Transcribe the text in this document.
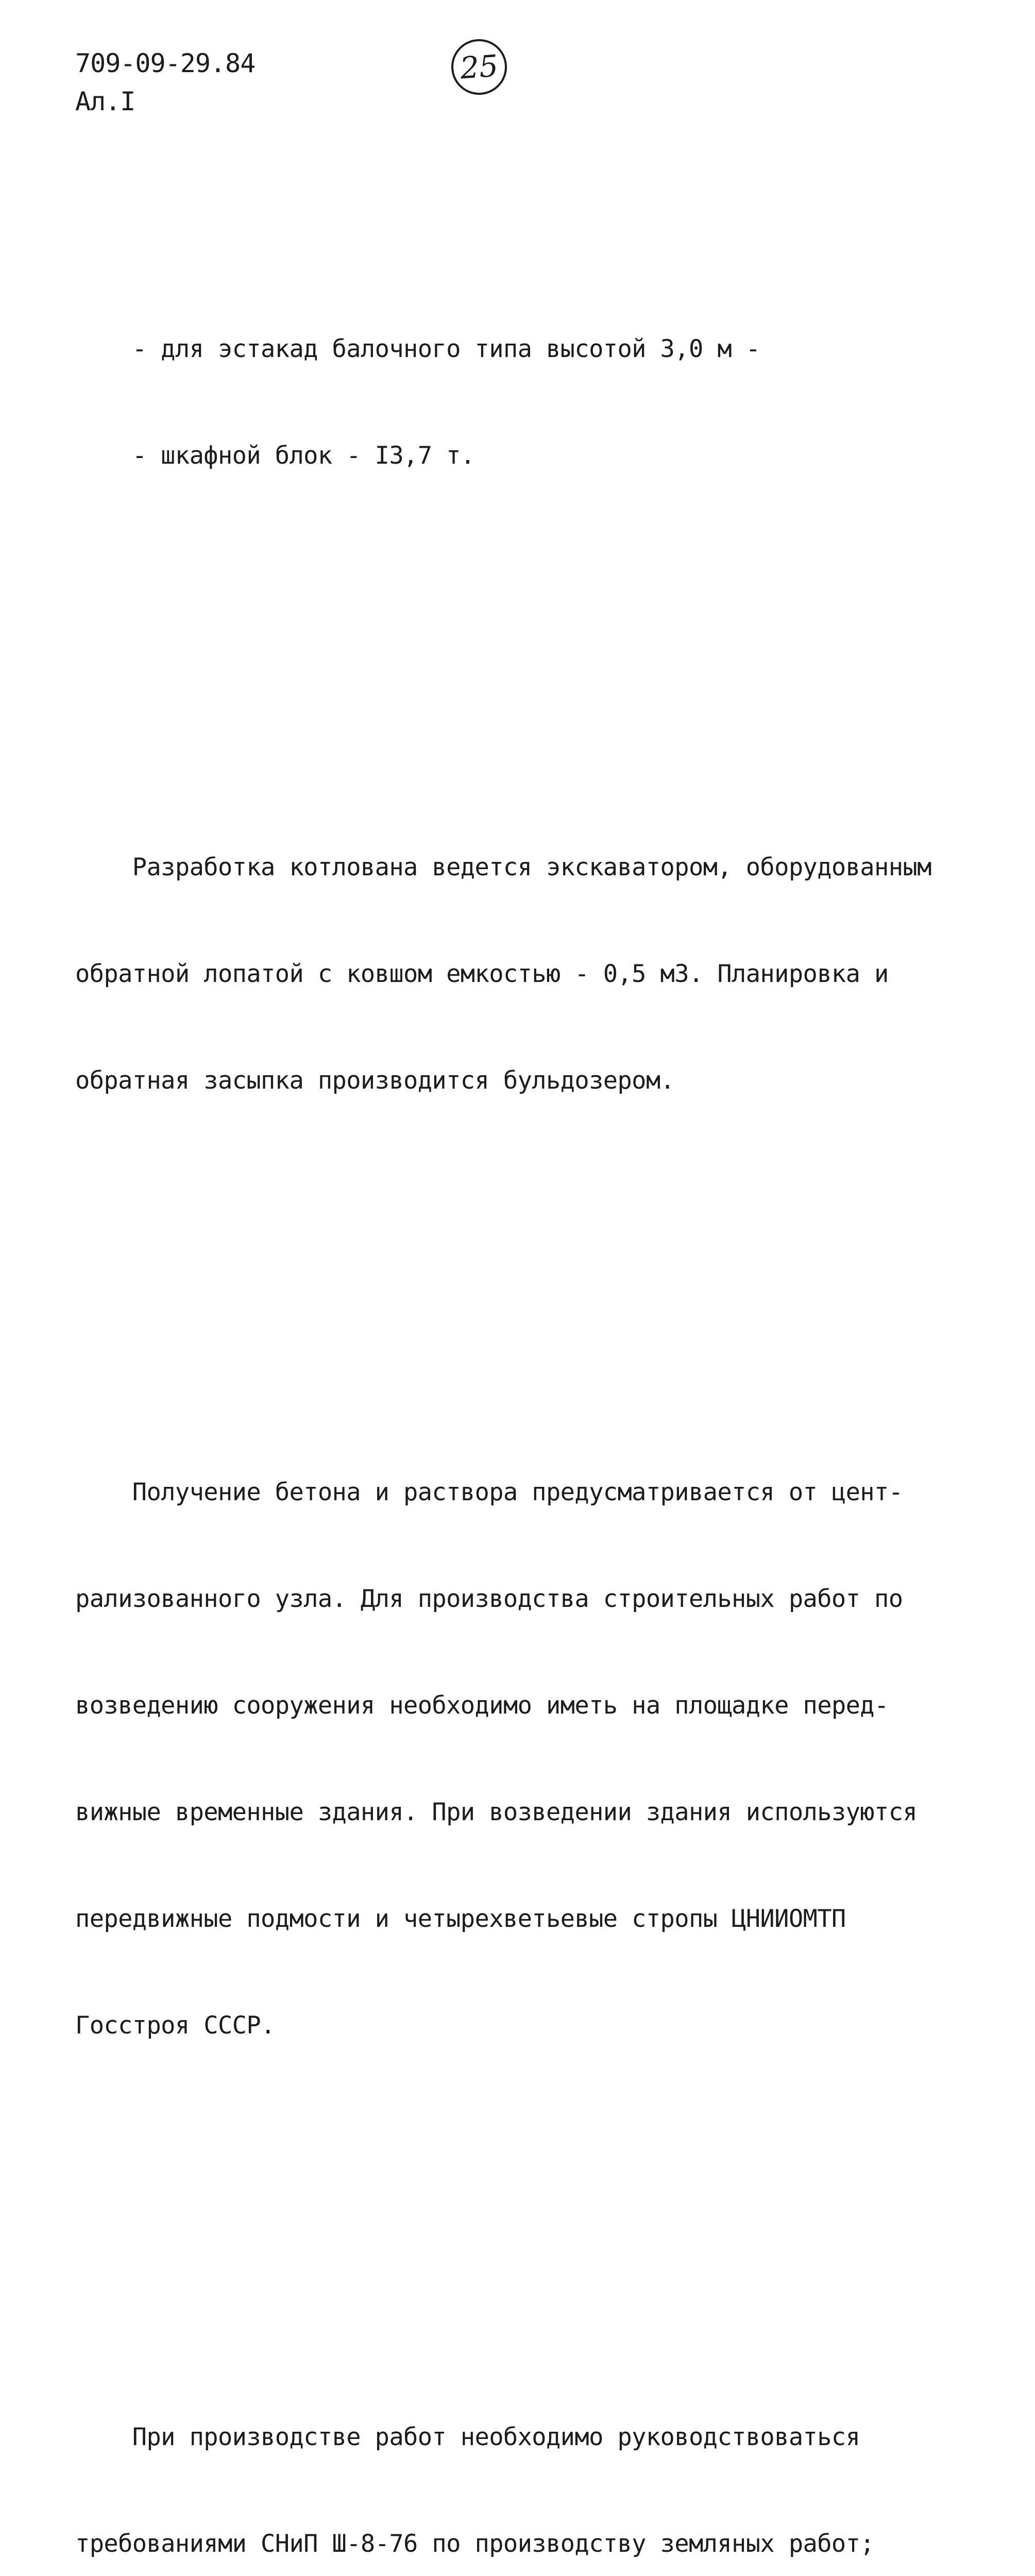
709-09-29.84
Ал.I
25

- для эстакад балочного типа высотой 3,0 м -

- шкафной блок - I3,7 т.

Разработка котлована ведется экскаватором, оборудованным

обратной лопатой с ковшом емкостью - 0,5 м3. Планировка и

обратная засыпка производится бульдозером.

Получение бетона и раствора предусматривается от цент-

рализованного узла. Для производства строительных работ по

возведению сооружения необходимо иметь на площадке перед-

вижные временные здания. При возведении здания используются

передвижные подмости и четырехветьевые стропы ЦНИИОМТП

Госстроя СССР.

При производстве работ необходимо руководствоваться

требованиями СНиП Ш-8-76 по производству земляных работ;
